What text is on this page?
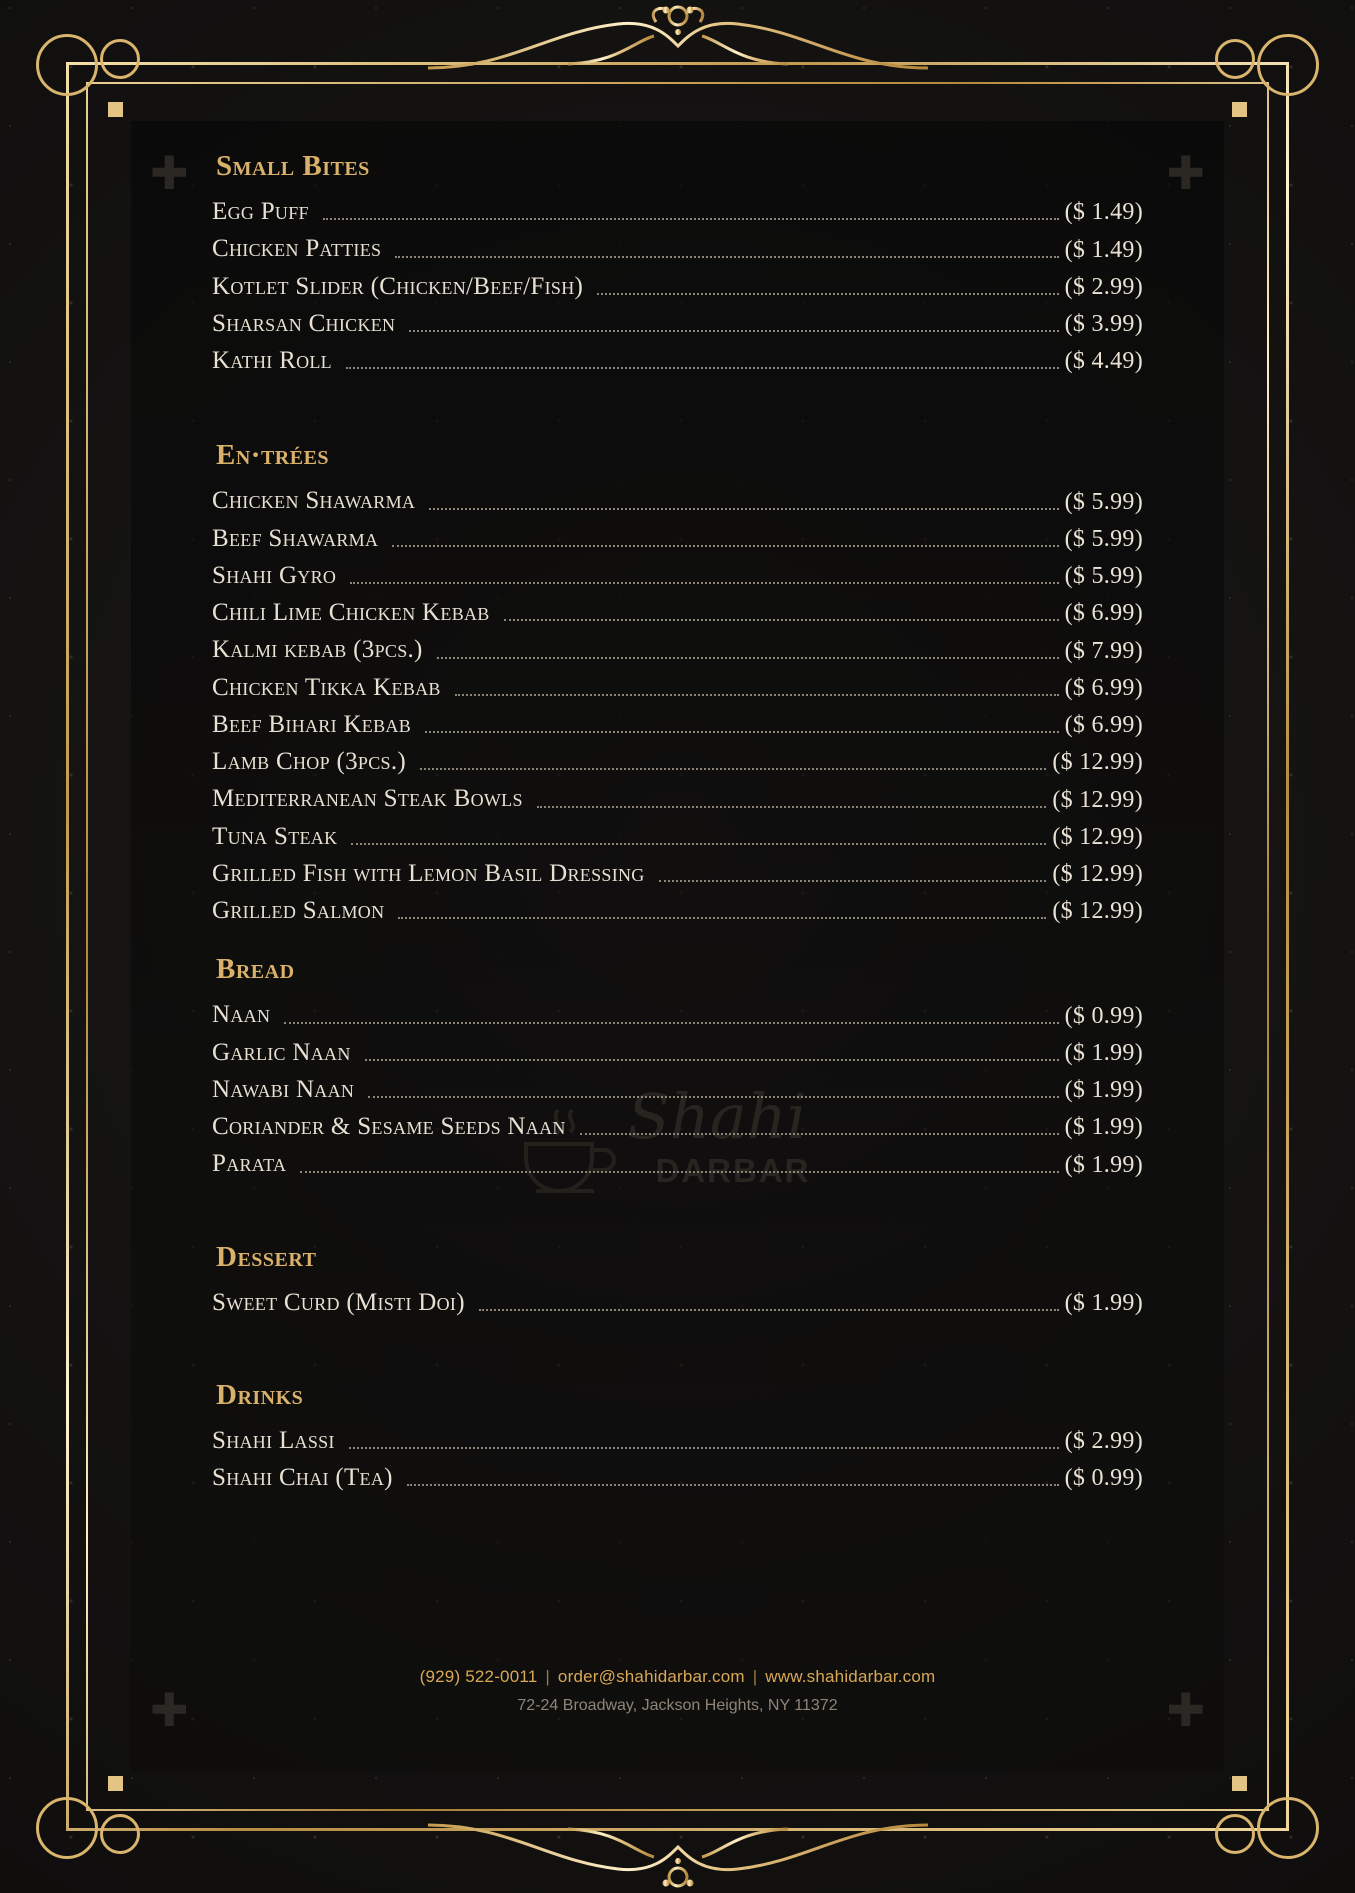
✚	✚
✚	✚
Shahi
DARBAR
Small Bites
Egg Puff	($ 1.49)
Chicken Patties	($ 1.49)
Kotlet Slider (Chicken/Beef/Fish)	($ 2.99)
Sharsan Chicken	($ 3.99)
Kathi Roll	($ 4.49)
En·trées
Chicken Shawarma	($ 5.99)
Beef Shawarma	($ 5.99)
Shahi Gyro	($ 5.99)
Chili Lime Chicken Kebab	($ 6.99)
Kalmi kebab (3pcs.)	($ 7.99)
Chicken Tikka Kebab	($ 6.99)
Beef Bihari Kebab	($ 6.99)
Lamb Chop (3pcs.)	($ 12.99)
Mediterranean Steak Bowls	($ 12.99)
Tuna Steak	($ 12.99)
Grilled Fish with Lemon Basil Dressing	($ 12.99)
Grilled Salmon	($ 12.99)
Bread
Naan	($ 0.99)
Garlic Naan	($ 1.99)
Nawabi Naan	($ 1.99)
Coriander & Sesame Seeds Naan	($ 1.99)
Parata	($ 1.99)
Dessert
Sweet Curd (Misti Doi)	($ 1.99)
Drinks
Shahi Lassi	($ 2.99)
Shahi Chai (Tea)	($ 0.99)
(929) 522-0011 | order@shahidarbar.com | www.shahidarbar.com
72-24 Broadway, Jackson Heights, NY 11372
